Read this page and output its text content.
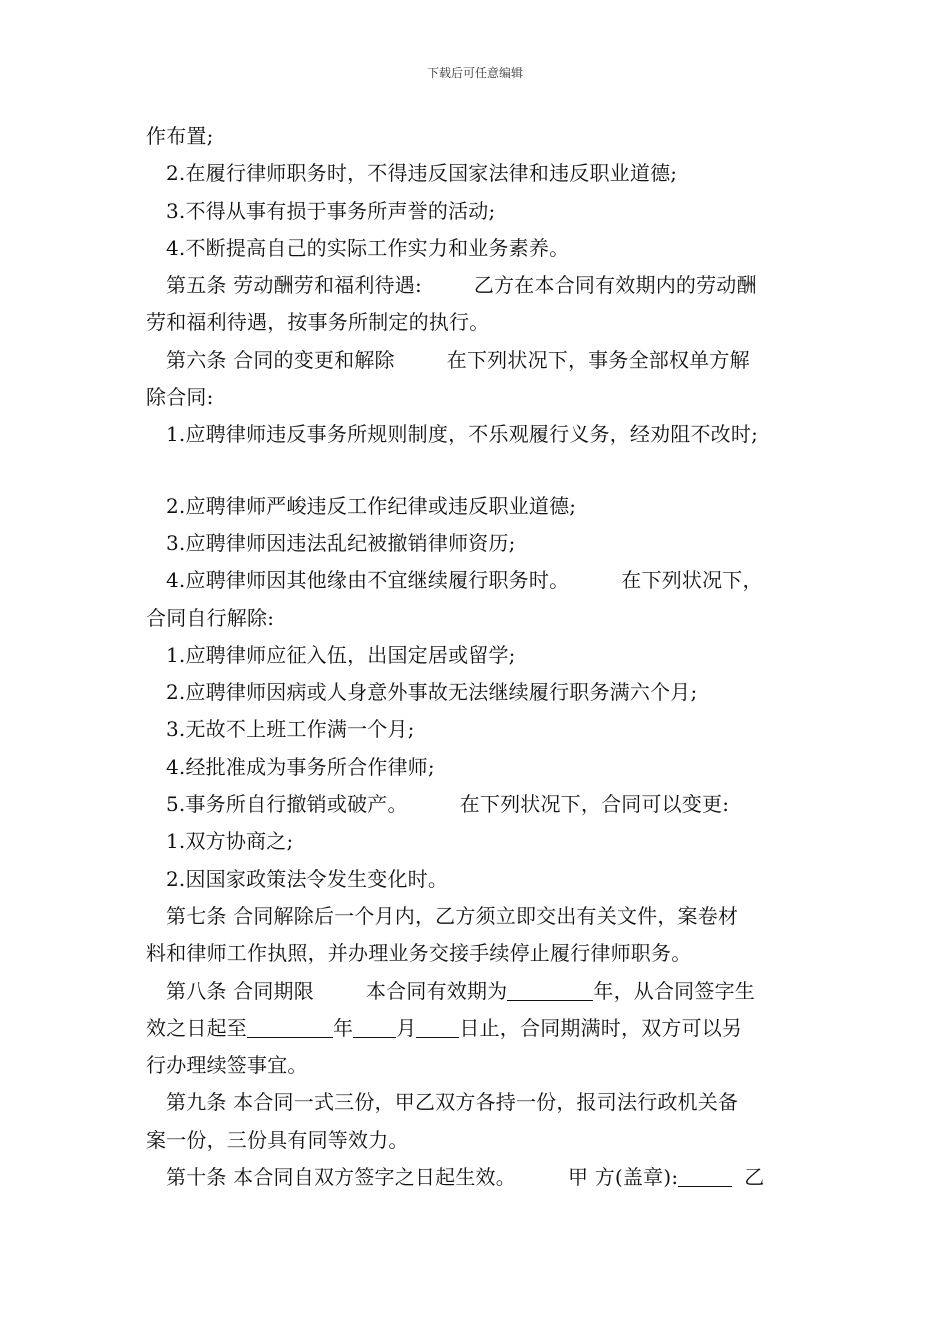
下载后可任意编辑
作布置;
2.在履行律师职务时，不得违反国家法律和违反职业道德;
3.不得从事有损于事务所声誉的活动;
4.不断提高自己的实际工作实力和业务素养。
第五条 劳动酬劳和福利待遇:	乙方在本合同有效期内的劳动酬
劳和福利待遇，按事务所制定的执行。
第六条 合同的变更和解除	在下列状况下，事务全部权单方解
除合同:
1.应聘律师违反事务所规则制度，不乐观履行义务，经劝阻不改时;
2.应聘律师严峻违反工作纪律或违反职业道德;
3.应聘律师因违法乱纪被撤销律师资历;
4.应聘律师因其他缘由不宜继续履行职务时。	在下列状况下，
合同自行解除:
1.应聘律师应征入伍，出国定居或留学;
2.应聘律师因病或人身意外事故无法继续履行职务满六个月;
3.无故不上班工作满一个月;
4.经批准成为事务所合作律师;
5.事务所自行撤销或破产。	在下列状况下，合同可以变更:
1.双方协商之;
2.因国家政策法令发生变化时。
第七条 合同解除后一个月内，乙方须立即交出有关文件，案卷材
料和律师工作执照，并办理业务交接手续停止履行律师职务。
第八条 合同期限	本合同有效期为	年，从合同签字生
效之日起至	年 月 日止，合同期满时，双方可以另
行办理续签事宜。
第九条 本合同一式三份，甲乙双方各持一份，报司法行政机关备
案一份，三份具有同等效力。
第十条 本合同自双方签字之日起生效。	甲 方(盖章):	乙
